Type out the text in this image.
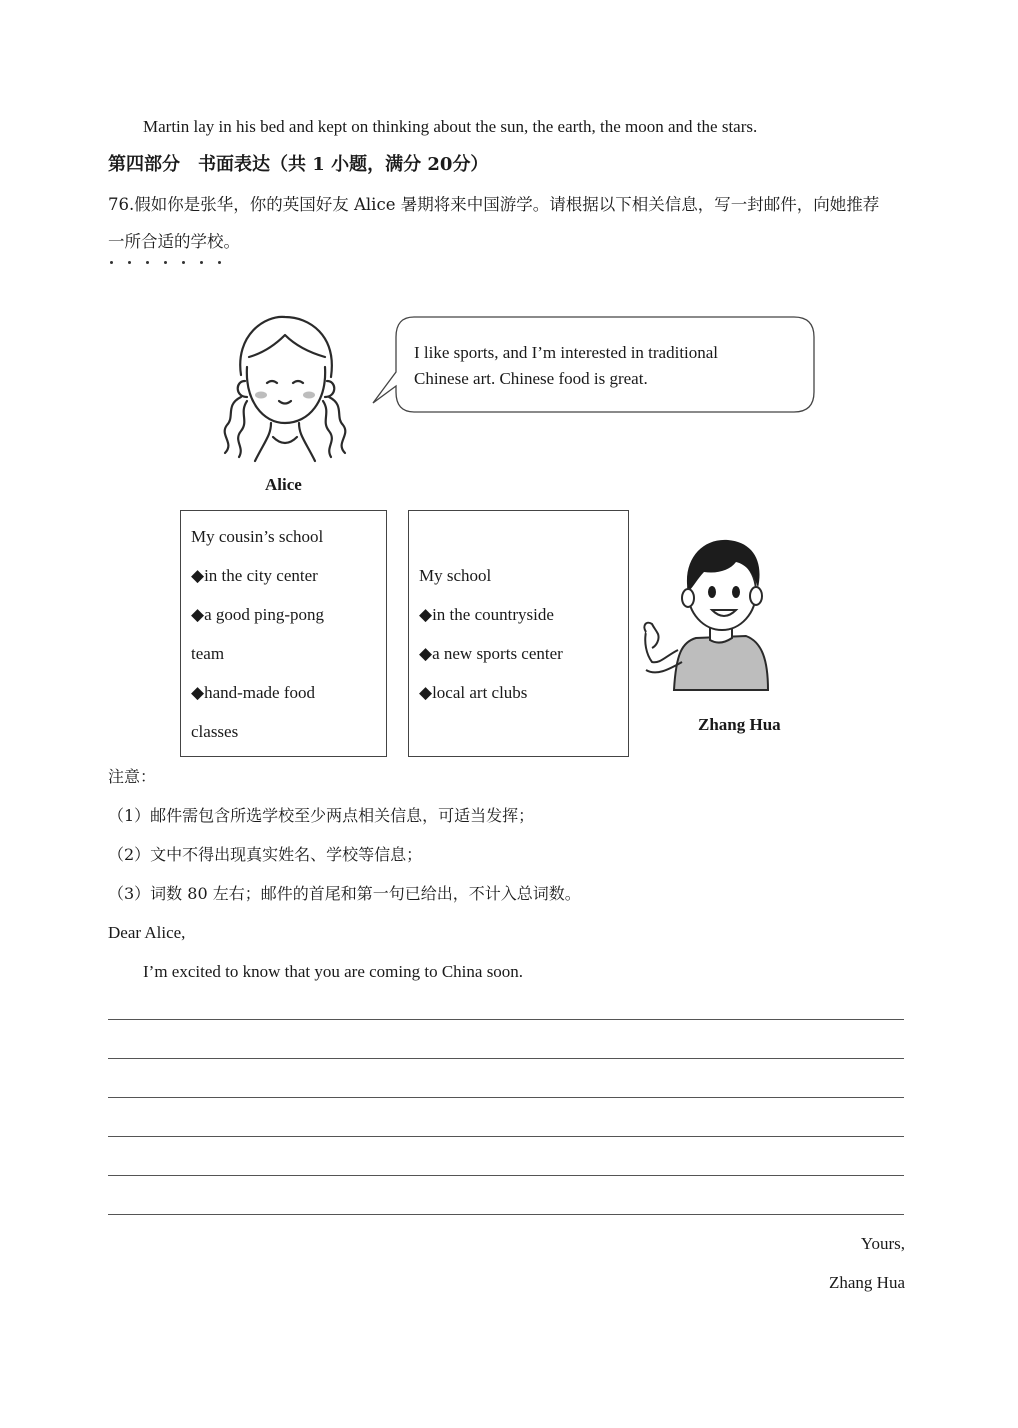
Martin lay in his bed and kept on thinking about the sun, the earth, the moon and the stars.
第四部分　书面表达（共 1 小题，满分 20分）
76.假如你是张华，你的英国好友 Alice 暑期将来中国游学。请根据以下相关信息，写一封邮件，向她推荐
一所合适的学校。
Alice
I like sports, and I’m interested in traditional
Chinese art. Chinese food is great.
My cousin’s school
◆in the city center
◆a good ping-pong
team
◆hand-made food
classes
My school
◆in the countryside
◆a new sports center
◆local art clubs
Zhang Hua
注意：
（1）邮件需包含所选学校至少两点相关信息，可适当发挥；
（2）文中不得出现真实姓名、学校等信息；
（3）词数 80 左右；邮件的首尾和第一句已给出，不计入总词数。
Dear Alice,
I’m excited to know that you are coming to China soon.
Yours,
Zhang Hua
